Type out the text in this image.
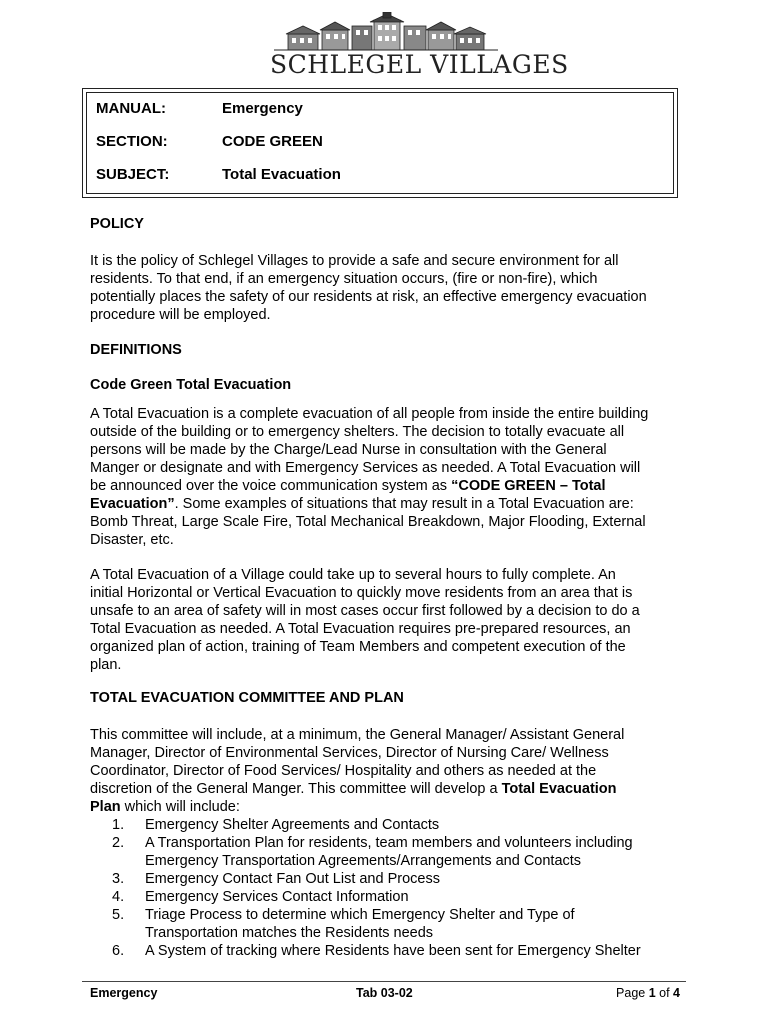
SCHLEGEL VILLAGES
MANUAL:	Emergency
SECTION:	CODE GREEN
SUBJECT:	Total Evacuation
POLICY
It is the policy of Schlegel Villages to provide a safe and secure environment for all
residents. To that end, if an emergency situation occurs, (fire or non-fire), which
potentially places the safety of our residents at risk, an effective emergency evacuation
procedure will be employed.
DEFINITIONS
Code Green Total Evacuation
A Total Evacuation is a complete evacuation of all people from inside the entire building
outside of the building or to emergency shelters. The decision to totally evacuate all
persons will be made by the Charge/Lead Nurse in consultation with the General
Manger or designate and with Emergency Services as needed. A Total Evacuation will
be announced over the voice communication system as “CODE GREEN – Total
Evacuation”. Some examples of situations that may result in a Total Evacuation are:
Bomb Threat, Large Scale Fire, Total Mechanical Breakdown, Major Flooding, External
Disaster, etc.
A Total Evacuation of a Village could take up to several hours to fully complete. An
initial Horizontal or Vertical Evacuation to quickly move residents from an area that is
unsafe to an area of safety will in most cases occur first followed by a decision to do a
Total Evacuation as needed. A Total Evacuation requires pre-prepared resources, an
organized plan of action, training of Team Members and competent execution of the
plan.
TOTAL EVACUATION COMMITTEE AND PLAN
This committee will include, at a minimum, the General Manager/ Assistant General
Manager, Director of Environmental Services, Director of Nursing Care/ Wellness
Coordinator, Director of Food Services/ Hospitality and others as needed at the
discretion of the General Manger. This committee will develop a Total Evacuation
Plan which will include:
1.	Emergency Shelter Agreements and Contacts
2.	A Transportation Plan for residents, team members and volunteers including
Emergency Transportation Agreements/Arrangements and Contacts
3.	Emergency Contact Fan Out List and Process
4.	Emergency Services Contact Information
5.	Triage Process to determine which Emergency Shelter and Type of
Transportation matches the Residents needs
6.	A System of tracking where Residents have been sent for Emergency Shelter
Emergency	Tab 03-02	Page 1 of 4
